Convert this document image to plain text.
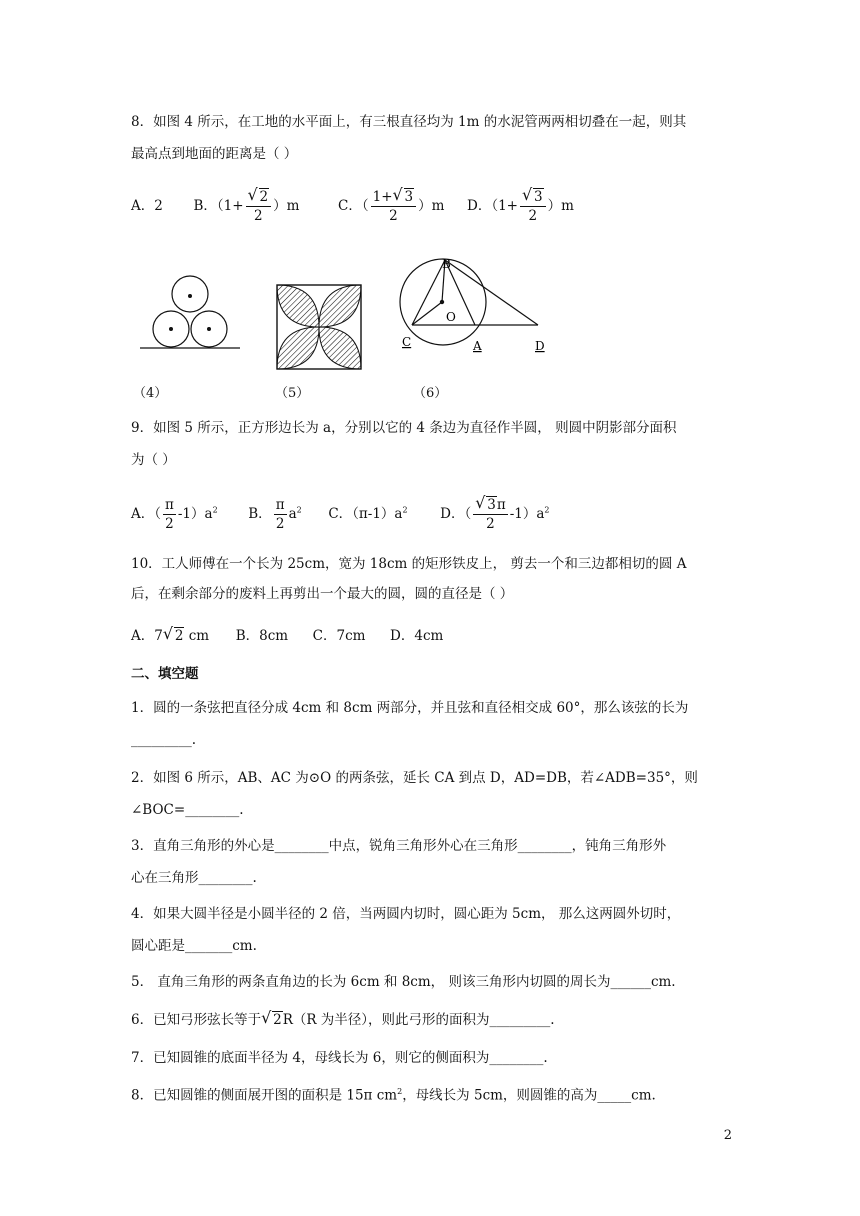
8．如图 4 所示，在工地的水平面上，有三根直径均为 1m 的水泥管两两相切叠在一起，则其
最高点到地面的距离是（ ）
A．2 B．（1+ √ $\frac{2}{2} )m$	C．（ $\frac{1+ √ 3}{2} )m$ D．（1+ √ $\frac{3}{2} )m$
B
O
C	A	D
（4）	（5）	（6）
9．如图 5 所示，正方形边长为 a，分别以它的 4 条边为直径作半圆， 则圆中阴影部分面积
为（ ）
A．（ $\frac{\pi}{2} -1)a^2$ B． $\frac{\pi}{2} a^2$ C．$(\pi-1)a^2$ D．（ √ $\frac{3\pi}{2} -1)a^2$
10．工人师傅在一个长为 25cm，宽为 18cm 的矩形铁皮上， 剪去一个和三边都相切的圆 A
后，在剩余部分的废料上再剪出一个最大的圆，圆的直径是（ ）
A．7 √ 2 cm B．8cm C．7cm D．4cm
二、填空题
1．圆的一条弦把直径分成 4cm 和 8cm 两部分，并且弦和直径相交成 60°，那么该弦的长为
_________.
2．如图 6 所示，AB、AC 为⊙O 的两条弦，延长 CA 到点 D，AD=DB，若∠ADB=35°，则
∠BOC=________.
3．直角三角形的外心是________中点，锐角三角形外心在三角形________，钝角三角形外
心在三角形________.
4．如果大圆半径是小圆半径的 2 倍，当两圆内切时，圆心距为 5cm， 那么这两圆外切时，
圆心距是_______cm.
5． 直角三角形的两条直角边的长为 6cm 和 8cm， 则该三角形内切圆的周长为______cm.
6．已知弓形弦长等于 √ 2R（R 为半径），则此弓形的面积为_________.
7．已知圆锥的底面半径为 4，母线长为 6，则它的侧面积为________.
8．已知圆锥的侧面展开图的面积是 15π $cm^2$，母线长为 5cm，则圆锥的高为_____cm.
2
